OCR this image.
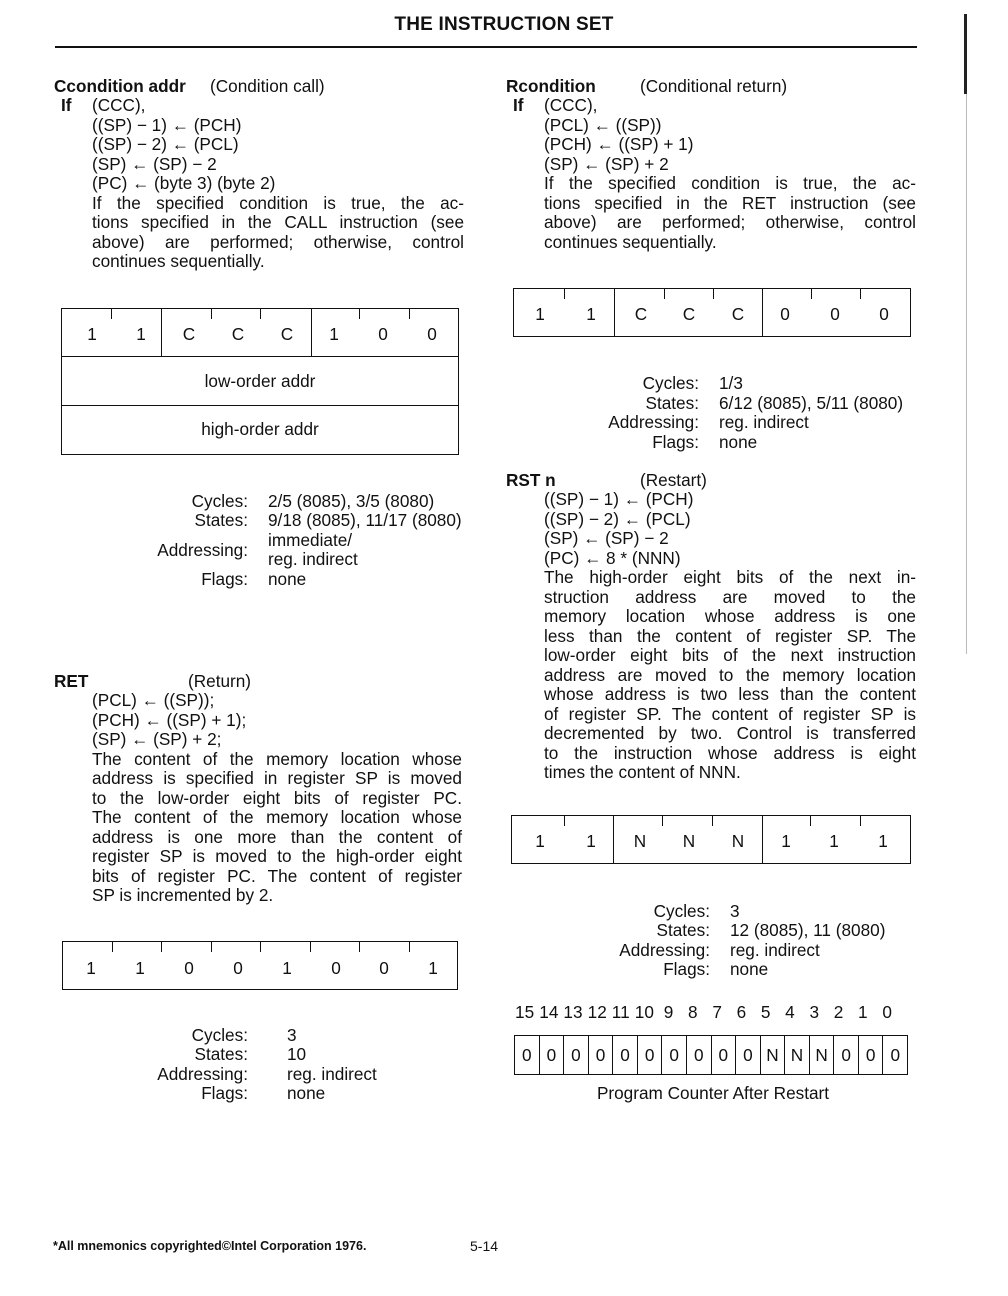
THE INSTRUCTION SET
Ccondition addr (Condition call)
If (CCC),
((SP) − 1) ← (PCH)
((SP) − 2) ← (PCL)
(SP) ← (SP) − 2
(PC) ← (byte 3) (byte 2)
If the specified condition is true, the ac-
tions specified in the CALL instruction (see
above) are performed; otherwise, control
continues sequentially.
1	1	C	C	C	1	0	0
low-order addr
high-order addr
Cycles: 2/5 (8085), 3/5 (8080)
States: 9/18 (8085), 11/17 (8080)
Addressing: immediate/
reg. indirect
Flags: none
RET	(Return)
(PCL) ← ((SP));
(PCH) ← ((SP) + 1);
(SP) ← (SP) + 2;
The content of the memory location whose
address is specified in register SP is moved
to the low-order eight bits of register PC.
The content of the memory location whose
address is one more than the content of
register SP is moved to the high-order eight
bits of register PC. The content of register
SP is incremented by 2.
1	1	0	0	1	0	0	1
Cycles: 3
States: 10
Addressing: reg. indirect
Flags: none
Rcondition	(Conditional return)
If (CCC),
(PCL) ← ((SP))
(PCH) ← ((SP) + 1)
(SP) ← (SP) + 2
If the specified condition is true, the ac-
tions specified in the RET instruction (see
above) are performed; otherwise, control
continues sequentially.
1	1	C	C	C	0	0	0
Cycles: 1/3
States: 6/12 (8085), 5/11 (8080)
Addressing: reg. indirect
Flags: none
RST n	(Restart)
((SP) − 1) ← (PCH)
((SP) − 2) ← (PCL)
(SP) ← (SP) − 2
(PC) ← 8 * (NNN)
The high-order eight bits of the next in-
struction address are moved to the
memory location whose address is one
less than the content of register SP. The
low-order eight bits of the next instruction
address are moved to the memory location
whose address is two less than the content
of register SP. The content of register SP is
decremented by two. Control is transferred
to the instruction whose address is eight
times the content of NNN.
1	1	N	N	N	1	1	1
Cycles: 3
States: 12 (8085), 11 (8080)
Addressing: reg. indirect
Flags: none
15 14 13 12 11 10  9   8   7   6   5   4   3   2   1   0
0 0 0 0 0 0 0 0 0 0 N N N 0 0 0
Program Counter After Restart
*All mnemonics copyrighted©Intel Corporation 1976.	5-14
